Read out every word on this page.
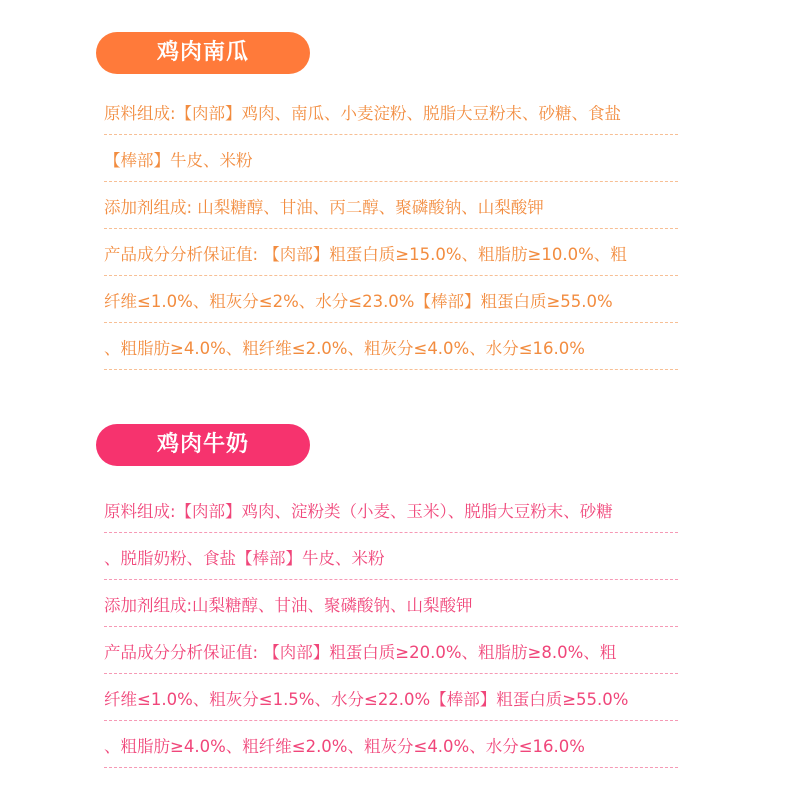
鸡肉南瓜
原料组成:【肉部】鸡肉、南瓜、小麦淀粉、脱脂大豆粉末、砂糖、食盐
【棒部】牛皮、米粉
添加剂组成: 山梨糖醇、甘油、丙二醇、聚磷酸钠、山梨酸钾
产品成分分析保证值: 【肉部】粗蛋白质≥15.0%、粗脂肪≥10.0%、粗
纤维≤1.0%、粗灰分≤2%、水分≤23.0%【棒部】粗蛋白质≥55.0%
、粗脂肪≥4.0%、粗纤维≤2.0%、粗灰分≤4.0%、水分≤16.0%
鸡肉牛奶
原料组成:【肉部】鸡肉、淀粉类（小麦、玉米）、脱脂大豆粉末、砂糖
、脱脂奶粉、食盐【棒部】牛皮、米粉
添加剂组成:山梨糖醇、甘油、聚磷酸钠、山梨酸钾
产品成分分析保证值: 【肉部】粗蛋白质≥20.0%、粗脂肪≥8.0%、粗
纤维≤1.0%、粗灰分≤1.5%、水分≤22.0%【棒部】粗蛋白质≥55.0%
、粗脂肪≥4.0%、粗纤维≤2.0%、粗灰分≤4.0%、水分≤16.0%
